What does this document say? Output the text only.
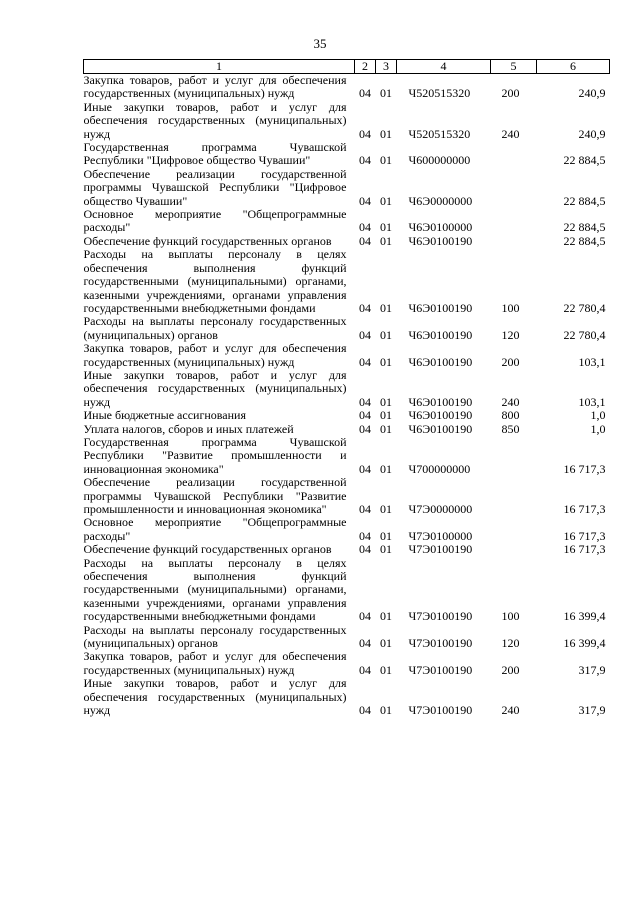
35
1	2	3	4	5	6
Закупка товаров, работ и услуг для обеспечения государственных (муниципальных) нужд	04	01	Ч520515320	200	240,9
Иные закупки товаров, работ и услуг для обеспечения государственных (муниципальных) нужд	04	01	Ч520515320	240	240,9
Государственная программа Чувашской Республики "Цифровое общество Чувашии"	04	01	Ч600000000		22 884,5
Обеспечение реализации государственной программы Чувашской Республики "Цифровое общество Чувашии"	04	01	Ч6Э0000000		22 884,5
Основное мероприятие "Общепрограммные расходы"	04	01	Ч6Э0100000		22 884,5
Обеспечение функций государственных органов	04	01	Ч6Э0100190		22 884,5
Расходы на выплаты персоналу в целях обеспечения выполнения функций государственными (муниципальными) органами, казенными учреждениями, органами управления государственными внебюджетными фондами	04	01	Ч6Э0100190	100	22 780,4
Расходы на выплаты персоналу государственных (муниципальных) органов	04	01	Ч6Э0100190	120	22 780,4
Закупка товаров, работ и услуг для обеспечения государственных (муниципальных) нужд	04	01	Ч6Э0100190	200	103,1
Иные закупки товаров, работ и услуг для обеспечения государственных (муниципальных) нужд	04	01	Ч6Э0100190	240	103,1
Иные бюджетные ассигнования	04	01	Ч6Э0100190	800	1,0
Уплата налогов, сборов и иных платежей	04	01	Ч6Э0100190	850	1,0
Государственная программа Чувашской Республики "Развитие промышленности и инновационная экономика"	04	01	Ч700000000		16 717,3
Обеспечение реализации государственной программы Чувашской Республики "Развитие промышленности и инновационная экономика"	04	01	Ч7Э0000000		16 717,3
Основное мероприятие "Общепрограммные расходы"	04	01	Ч7Э0100000		16 717,3
Обеспечение функций государственных органов	04	01	Ч7Э0100190		16 717,3
Расходы на выплаты персоналу в целях обеспечения выполнения функций государственными (муниципальными) органами, казенными учреждениями, органами управления государственными внебюджетными фондами	04	01	Ч7Э0100190	100	16 399,4
Расходы на выплаты персоналу государственных (муниципальных) органов	04	01	Ч7Э0100190	120	16 399,4
Закупка товаров, работ и услуг для обеспечения государственных (муниципальных) нужд	04	01	Ч7Э0100190	200	317,9
Иные закупки товаров, работ и услуг для обеспечения государственных (муниципальных) нужд	04	01	Ч7Э0100190	240	317,9
